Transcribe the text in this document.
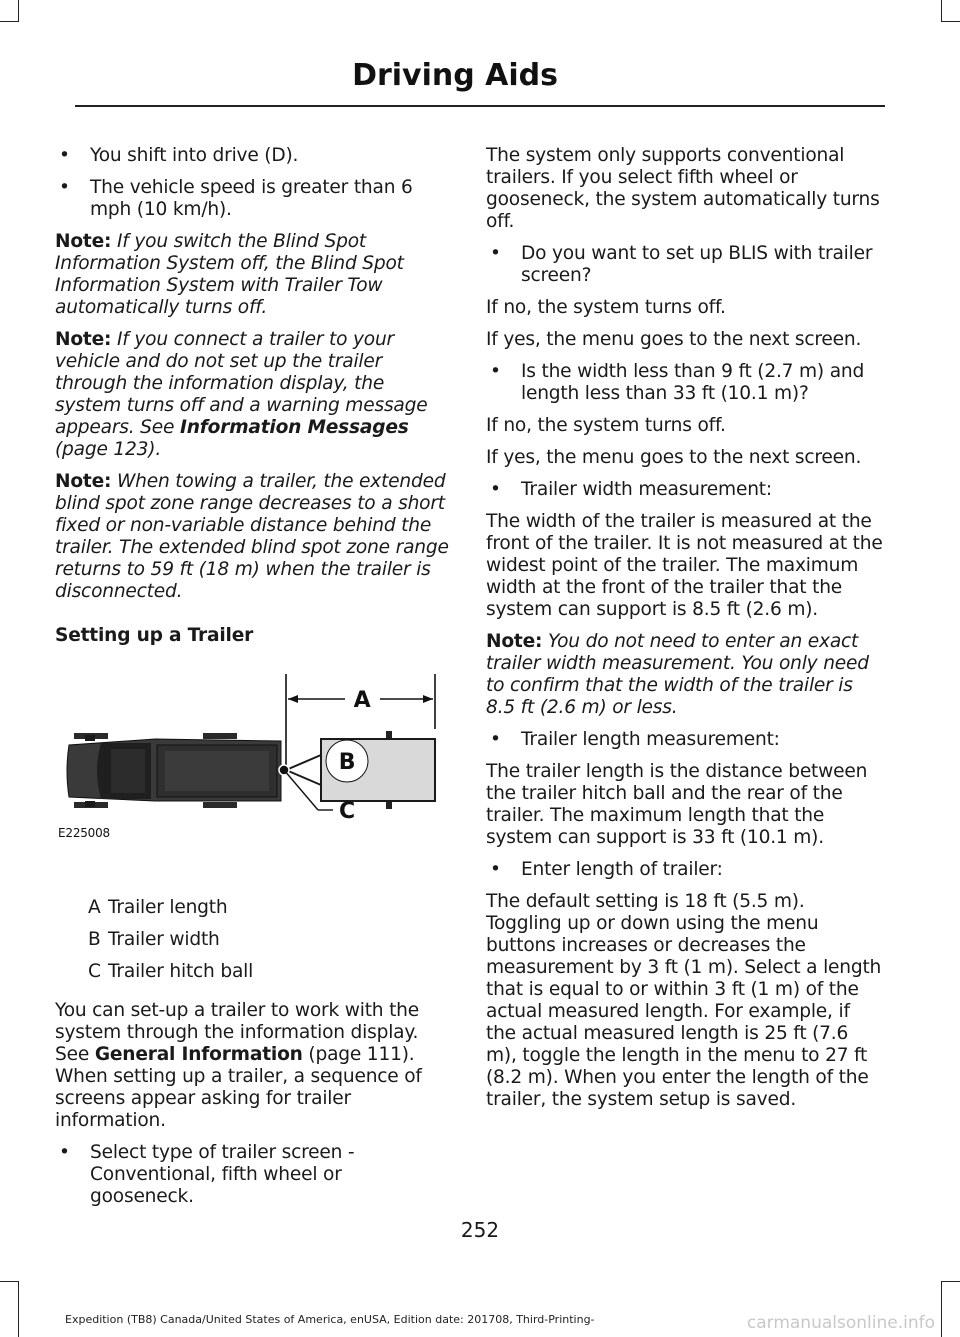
Driving Aids
•	You shift into drive (D).
•	The vehicle speed is greater than 6 mph (10 km/h).

Note: If you switch the Blind Spot Information System off, the Blind Spot Information System with Trailer Tow automatically turns off.

Note: If you connect a trailer to your vehicle and do not set up the trailer through the information display, the system turns off and a warning message appears. See Information Messages (page 123).

Note: When towing a trailer, the extended blind spot zone range decreases to a short fixed or non-variable distance behind the trailer. The extended blind spot zone range returns to 59 ft (18 m) when the trailer is disconnected.

Setting up a Trailer
A
C
B
E225008
A Trailer length
B Trailer width
C Trailer hitch ball

You can set-up a trailer to work with the system through the information display. See General Information (page 111). When setting up a trailer, a sequence of screens appear asking for trailer information.

•	Select type of trailer screen - Conventional, fifth wheel or gooseneck.

The system only supports conventional trailers. If you select fifth wheel or gooseneck, the system automatically turns off.

•	Do you want to set up BLIS with trailer screen?

If no, the system turns off.

If yes, the menu goes to the next screen.

•	Is the width less than 9 ft (2.7 m) and length less than 33 ft (10.1 m)?

If no, the system turns off.

If yes, the menu goes to the next screen.

•	Trailer width measurement:

The width of the trailer is measured at the front of the trailer. It is not measured at the widest point of the trailer. The maximum width at the front of the trailer that the system can support is 8.5 ft (2.6 m).

Note: You do not need to enter an exact trailer width measurement. You only need to confirm that the width of the trailer is 8.5 ft (2.6 m) or less.

•	Trailer length measurement:

The trailer length is the distance between the trailer hitch ball and the rear of the trailer. The maximum length that the system can support is 33 ft (10.1 m).

•	Enter length of trailer:

The default setting is 18 ft (5.5 m). Toggling up or down using the menu buttons increases or decreases the measurement by 3 ft (1 m). Select a length that is equal to or within 3 ft (1 m) of the actual measured length. For example, if the actual measured length is 25 ft (7.6 m), toggle the length in the menu to 27 ft (8.2 m). When you enter the length of the trailer, the system setup is saved.

252
Expedition (TB8) Canada/United States of America, enUSA, Edition date: 201708, Third-Printing-	carmanualsonline.info
